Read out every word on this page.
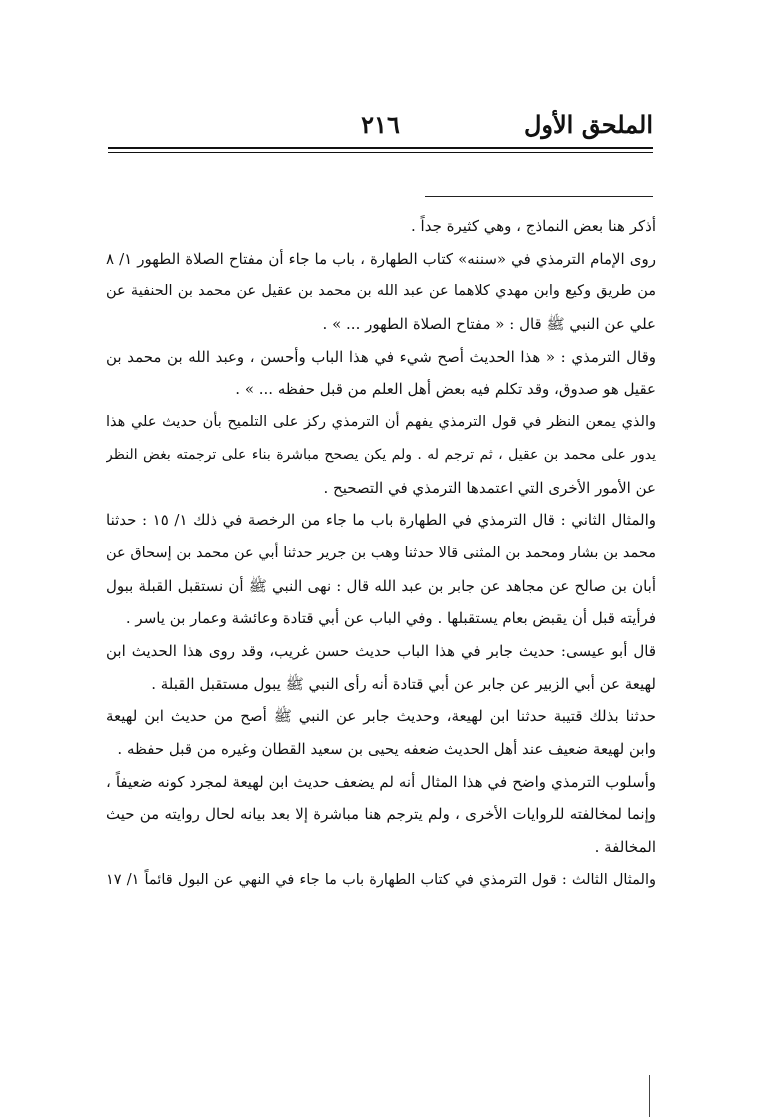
الملحق الأول
٢١٦
أذكر هنا بعض النماذج ، وهي كثيرة جداً .
روى الإمام الترمذي في «سننه» كتاب الطهارة ، باب ما جاء أن مفتاح الصلاة الطهور ١/ ٨
من طريق وكيع وابن مهدي كلاهما عن عبد الله بن محمد بن عقيل عن محمد بن الحنفية عن
علي عن النبي ﷺ قال : « مفتاح الصلاة الطهور ... » .
وقال الترمذي : « هذا الحديث أصح شيء في هذا الباب وأحسن ، وعبد الله بن محمد بن
عقيل هو صدوق، وقد تكلم فيه بعض أهل العلم من قبل حفظه ... » .
والذي يمعن النظر في قول الترمذي يفهم أن الترمذي ركز على التلميح بأن حديث علي هذا
يدور على محمد بن عقيل ، ثم ترجم له . ولم يكن يصحح مباشرة بناء على ترجمته بغض النظر
عن الأمور الأخرى التي اعتمدها الترمذي في التصحيح .
والمثال الثاني : قال الترمذي في الطهارة باب ما جاء من الرخصة في ذلك ١/ ١٥ : حدثنا
محمد بن بشار ومحمد بن المثنى قالا حدثنا وهب بن جرير حدثنا أبي عن محمد بن إسحاق عن
أبان بن صالح عن مجاهد عن جابر بن عبد الله قال : نهى النبي ﷺ أن نستقبل القبلة ببول
فرأيته قبل أن يقبض بعام يستقبلها . وفي الباب عن أبي قتادة وعائشة وعمار بن ياسر .
قال أبو عيسى: حديث جابر في هذا الباب حديث حسن غريب، وقد روى هذا الحديث ابن
لهيعة عن أبي الزبير عن جابر عن أبي قتادة أنه رأى النبي ﷺ يبول مستقبل القبلة .
حدثنا بذلك قتيبة حدثنا ابن لهيعة، وحديث جابر عن النبي ﷺ أصح من حديث ابن لهيعة
وابن لهيعة ضعيف عند أهل الحديث ضعفه يحيى بن سعيد القطان وغيره من قبل حفظه .
وأسلوب الترمذي واضح في هذا المثال أنه لم يضعف حديث ابن لهيعة لمجرد كونه ضعيفاً ،
وإنما لمخالفته للروايات الأخرى ، ولم يترجم هنا مباشرة إلا بعد بيانه لحال روايته من حيث
المخالفة .
والمثال الثالث : قول الترمذي في كتاب الطهارة باب ما جاء في النهي عن البول قائماً ١/ ١٧
